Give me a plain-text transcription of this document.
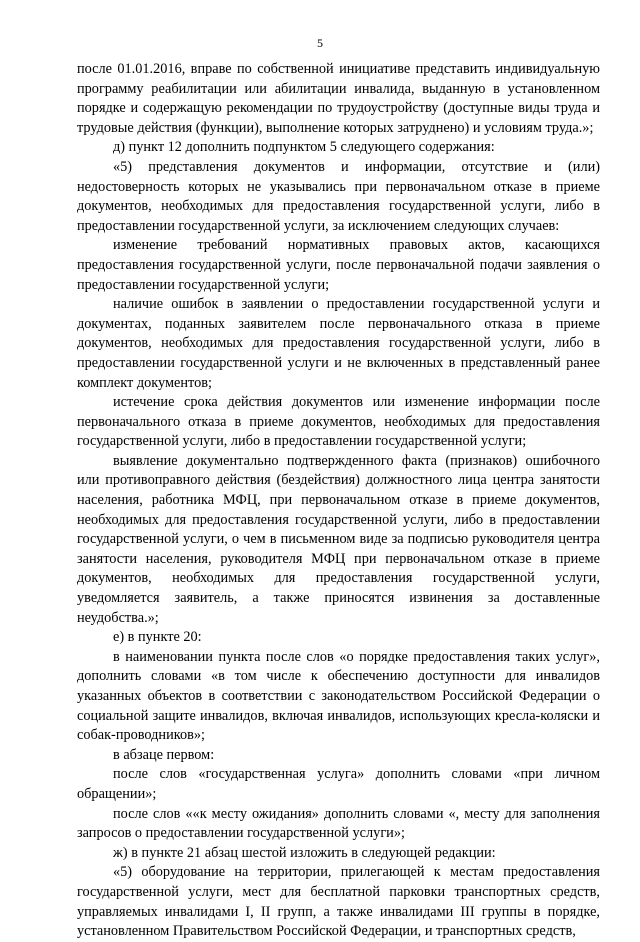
5

после 01.01.2016, вправе по собственной инициативе представить индивидуальную программу реабилитации или абилитации инвалида, выданную в установленном порядке и содержащую рекомендации по трудоустройству (доступные виды труда и трудовые действия (функции), выполнение которых затруднено) и условиям труда.»;

д) пункт 12 дополнить подпунктом 5 следующего содержания:

«5) представления документов и информации, отсутствие и (или) недостоверность которых не указывались при первоначальном отказе в приеме документов, необходимых для предоставления государственной услуги, либо в предоставлении государственной услуги, за исключением следующих случаев:

изменение требований нормативных правовых актов, касающихся предоставления государственной услуги, после первоначальной подачи заявления о предоставлении государственной услуги;

наличие ошибок в заявлении о предоставлении государственной услуги и документах, поданных заявителем после первоначального отказа в приеме документов, необходимых для предоставления государственной услуги, либо в предоставлении государственной услуги и не включенных в представленный ранее комплект документов;

истечение срока действия документов или изменение информации после первоначального отказа в приеме документов, необходимых для предоставления государственной услуги, либо в предоставлении государственной услуги;

выявление документально подтвержденного факта (признаков) ошибочного или противоправного действия (бездействия) должностного лица центра занятости населения, работника МФЦ, при первоначальном отказе в приеме документов, необходимых для предоставления государственной услуги, либо в предоставлении государственной услуги, о чем в письменном виде за подписью руководителя центра занятости населения, руководителя МФЦ при первоначальном отказе в приеме документов, необходимых для предоставления государственной услуги, уведомляется заявитель, а также приносятся извинения за доставленные неудобства.»;

е) в пункте 20:

в наименовании пункта после слов «о порядке предоставления таких услуг», дополнить словами «в том числе к обеспечению доступности для инвалидов указанных объектов в соответствии с законодательством Российской Федерации о социальной защите инвалидов, включая инвалидов, использующих кресла-коляски и собак-проводников»;

в абзаце первом:

после слов «государственная услуга» дополнить словами «при личном обращении»;

после слов ««к месту ожидания» дополнить словами «, месту для заполнения запросов о предоставлении государственной услуги»;

ж) в пункте 21 абзац шестой изложить в следующей редакции:

«5) оборудование на территории, прилегающей к местам предоставления государственной услуги, мест для бесплатной парковки транспортных средств, управляемых инвалидами I, II групп, а также инвалидами III группы в порядке, установленном Правительством Российской Федерации, и транспортных средств,
